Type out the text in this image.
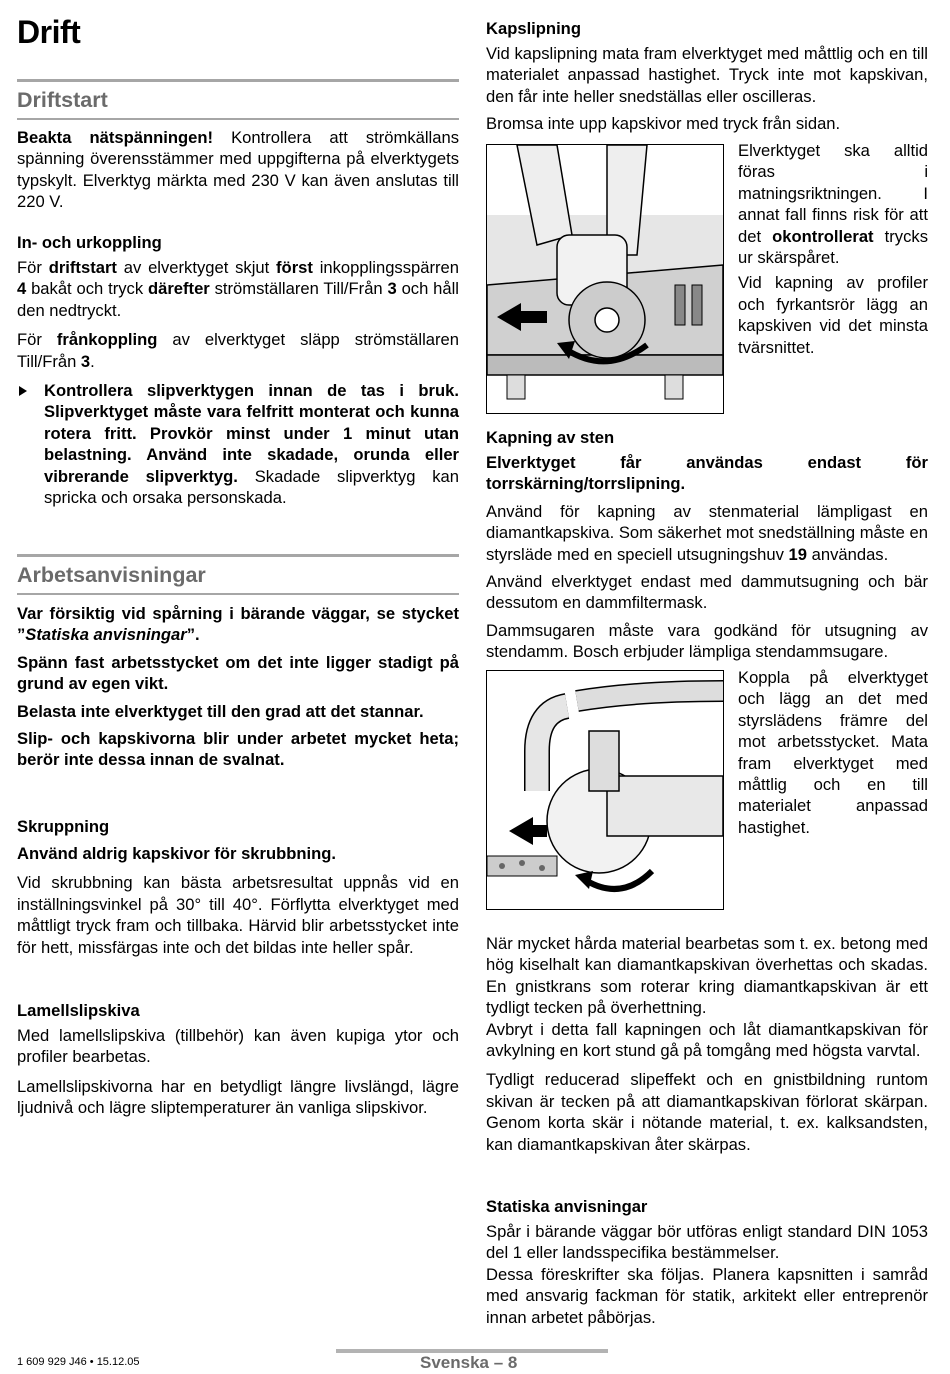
Drift
Driftstart

Beakta nätspänningen! Kontrollera att strömkällans spänning överensstämmer med uppgifterna på elverktygets typskylt. Elverktyg märkta med 230 V kan även anslutas till 220 V.

In- och urkoppling

För driftstart av elverktyget skjut först inkopplingsspärren 4 bakåt och tryck därefter strömställaren Till/Från 3 och håll den nedtryckt.

För frånkoppling av elverktyget släpp strömställaren Till/Från 3.

Kontrollera slipverktygen innan de tas i bruk. Slipverktyget måste vara felfritt monterat och kunna rotera fritt. Provkör minst under 1 minut utan belastning. Använd inte skadade, orunda eller vibrerande slipverktyg. Skadade slipverktyg kan spricka och orsaka personskada.

Arbetsanvisningar

Var försiktig vid spårning i bärande väggar, se stycket ”Statiska anvisningar”.

Spänn fast arbetsstycket om det inte ligger stadigt på grund av egen vikt.

Belasta inte elverktyget till den grad att det stannar.

Slip- och kapskivorna blir under arbetet mycket heta; berör inte dessa innan de svalnat.

Skruppning

Använd aldrig kapskivor för skrubbning.

Vid skrubbning kan bästa arbetsresultat uppnås vid en inställningsvinkel på 30° till 40°. Förflytta elverktyget med måttligt tryck fram och tillbaka. Härvid blir arbetsstycket inte för hett, missfärgas inte och det bildas inte heller spår.

Lamellslipskiva

Med lamellslipskiva (tillbehör) kan även kupiga ytor och profiler bearbetas.

Lamellslipskivorna har en betydligt längre livslängd, lägre ljudnivå och lägre sliptemperaturer än vanliga slipskivor.

Kapslipning

Vid kapslipning mata fram elverktyget med måttlig och en till materialet anpassad hastighet. Tryck inte mot kapskivan, den får inte heller snedställas eller oscilleras.

Bromsa inte upp kapskivor med tryck från sidan.

Elverktyget ska alltid föras i matningsriktningen. I annat fall finns risk för att det okontrollerat trycks ur skärspåret.

Vid kapning av profiler och fyrkantsrör lägg an kapskiven vid det minsta tvärsnittet.

Kapning av sten

Elverktyget får användas endast för torrskärning/torrslipning.

Använd för kapning av stenmaterial lämpligast en diamantkapskiva. Som säkerhet mot snedställning måste en styrsläde med en speciell utsugningshuv 19 användas.

Använd elverktyget endast med dammutsugning och bär dessutom en dammfiltermask.

Dammsugaren måste vara godkänd för utsugning av stendamm. Bosch erbjuder lämpliga stendammsugare.

Koppla på elverktyget och lägg an det med styrslädens främre del mot arbetsstycket. Mata fram elverktyget med måttlig och en till materialet anpassad hastighet.

När mycket hårda material bearbetas som t. ex. betong med hög kiselhalt kan diamantkapskivan överhettas och skadas. En gnistkrans som roterar kring diamantkapskivan är ett tydligt tecken på överhettning.

Avbryt i detta fall kapningen och låt diamantkapskivan för avkylning en kort stund gå på tomgång med högsta varvtal.

Tydligt reducerad slipeffekt och en gnistbildning runtom skivan är tecken på att diamantkapskivan förlorat skärpan. Genom korta skär i nötande material, t. ex. kalksandsten, kan diamantkapskivan åter skärpas.

Statiska anvisningar

Spår i bärande väggar bör utföras enligt standard DIN 1053 del 1 eller landsspecifika bestämmelser.

Dessa föreskrifter ska följas. Planera kapsnitten i samråd med ansvarig fackman för statik, arkitekt eller entreprenör innan arbetet påbörjas.

1 609 929 J46 • 15.12.05	Svenska – 8
